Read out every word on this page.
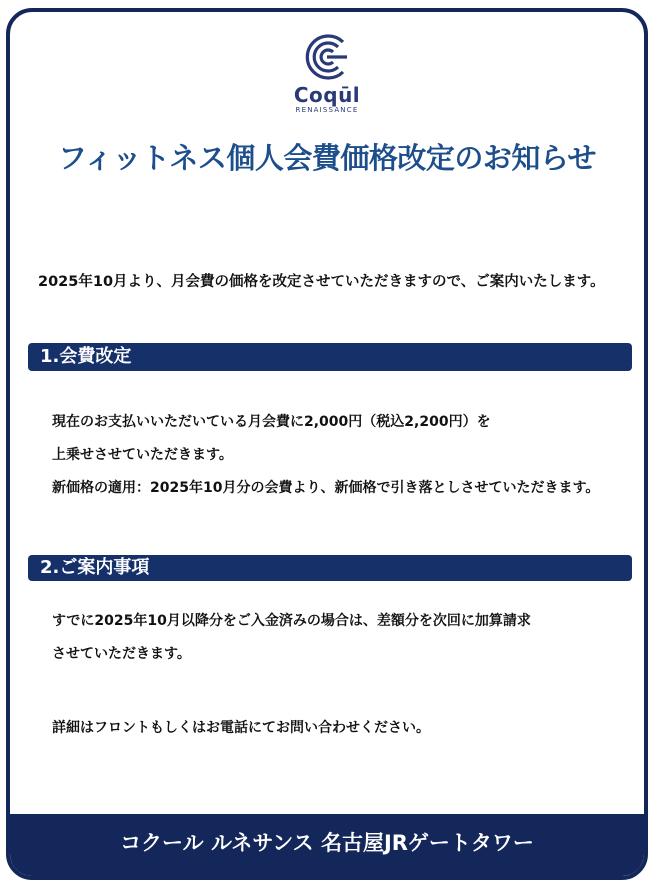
Coqūl
RENAISSANCE
フィットネス個人会費価格改定のお知らせ
2025年10月より、月会費の価格を改定させていただきますので、ご案内いたします。
1.会費改定
現在のお支払いいただいている月会費に2,000円（税込2,200円）を
上乗せさせていただきます。
新価格の適用：2025年10月分の会費より、新価格で引き落としさせていただきます。
2.ご案内事項
すでに2025年10月以降分をご入金済みの場合は、差額分を次回に加算請求
させていただきます。
詳細はフロントもしくはお電話にてお問い合わせください。
コクール ルネサンス 名古屋JRゲートタワー
